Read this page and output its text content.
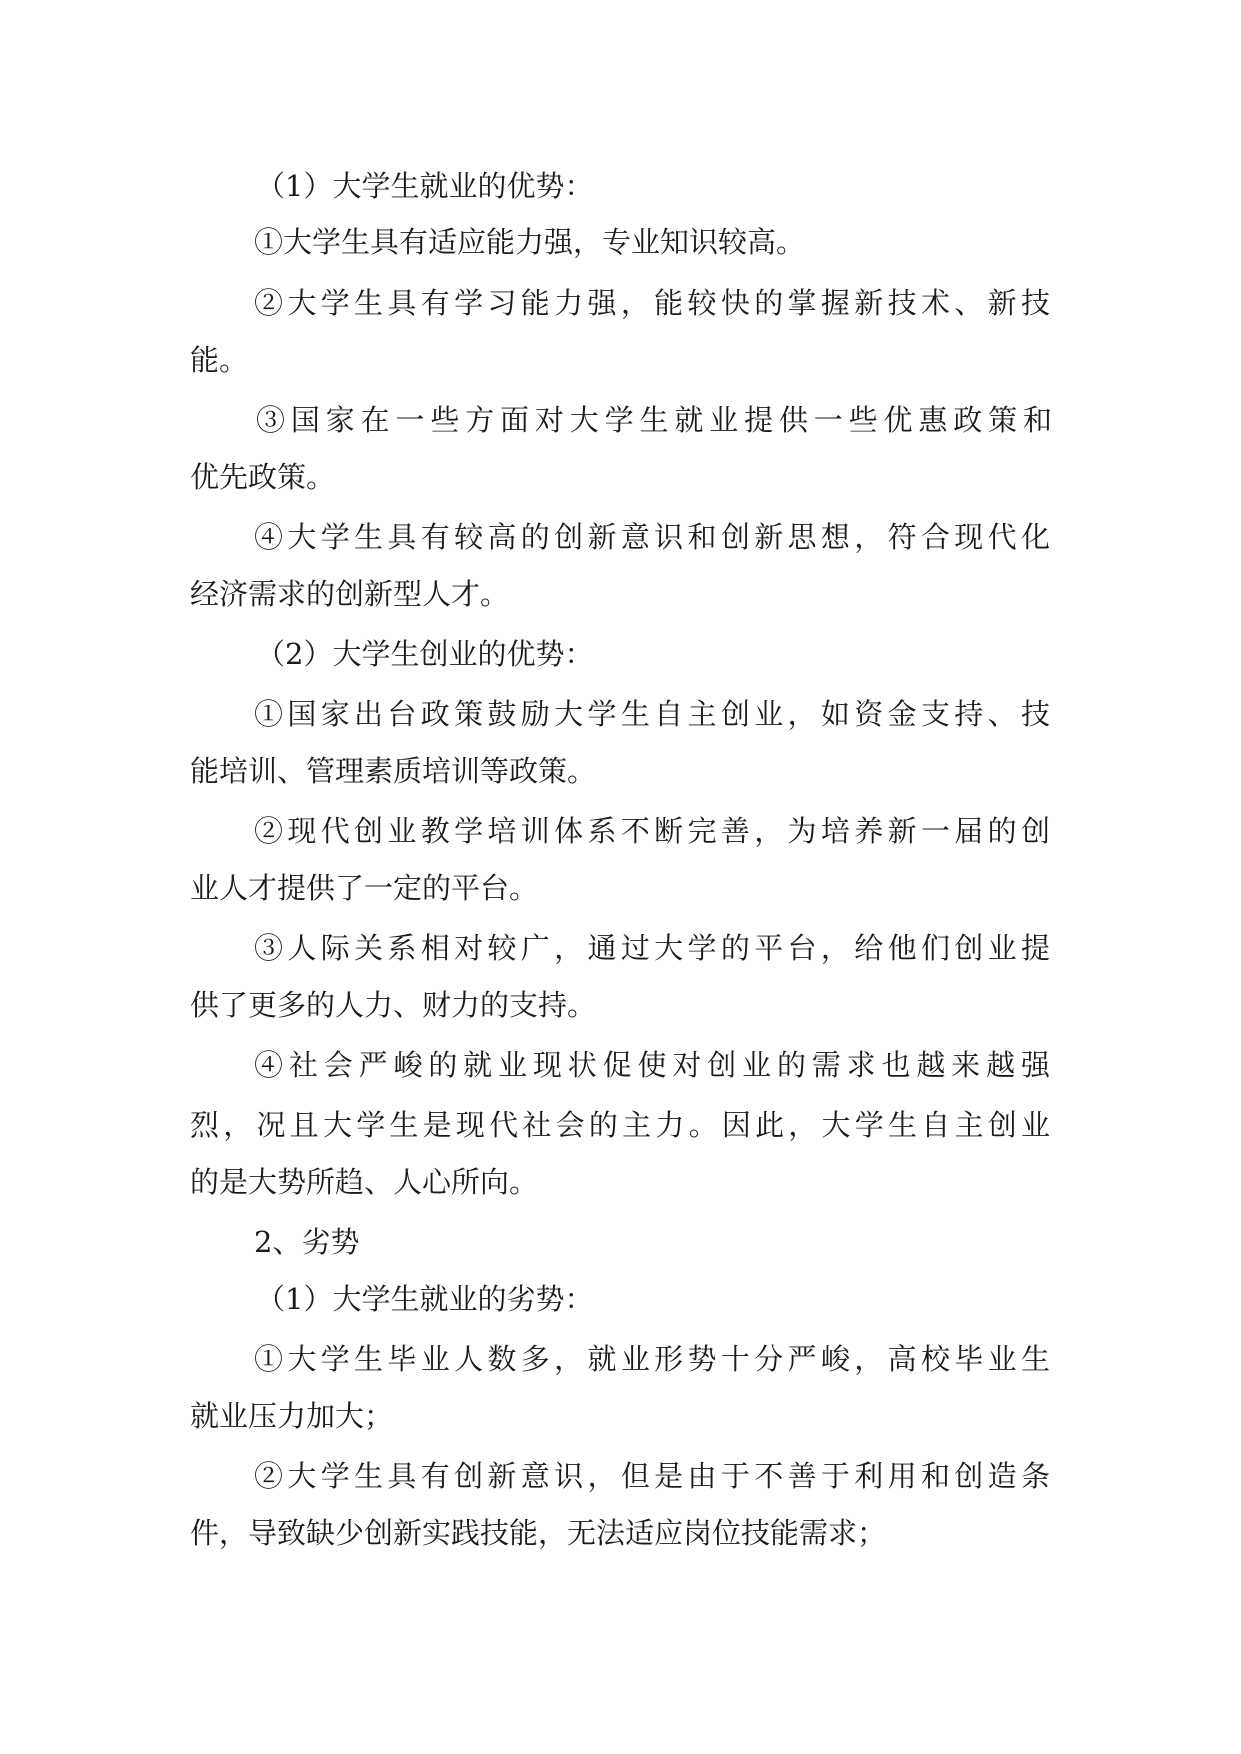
（1）大学生就业的优势：
①大学生具有适应能力强，专业知识较高。
②大学生具有学习能力强，能较快的掌握新技术、新技
能。
③国家在一些方面对大学生就业提供一些优惠政策和
优先政策。
④大学生具有较高的创新意识和创新思想，符合现代化
经济需求的创新型人才。
（2）大学生创业的优势：
①国家出台政策鼓励大学生自主创业，如资金支持、技
能培训、管理素质培训等政策。
②现代创业教学培训体系不断完善，为培养新一届的创
业人才提供了一定的平台。
③人际关系相对较广，通过大学的平台，给他们创业提
供了更多的人力、财力的支持。
④社会严峻的就业现状促使对创业的需求也越来越强
烈，况且大学生是现代社会的主力。因此，大学生自主创业
的是大势所趋、人心所向。
2、劣势
（1）大学生就业的劣势：
①大学生毕业人数多，就业形势十分严峻，高校毕业生
就业压力加大；
②大学生具有创新意识，但是由于不善于利用和创造条
件，导致缺少创新实践技能，无法适应岗位技能需求；
